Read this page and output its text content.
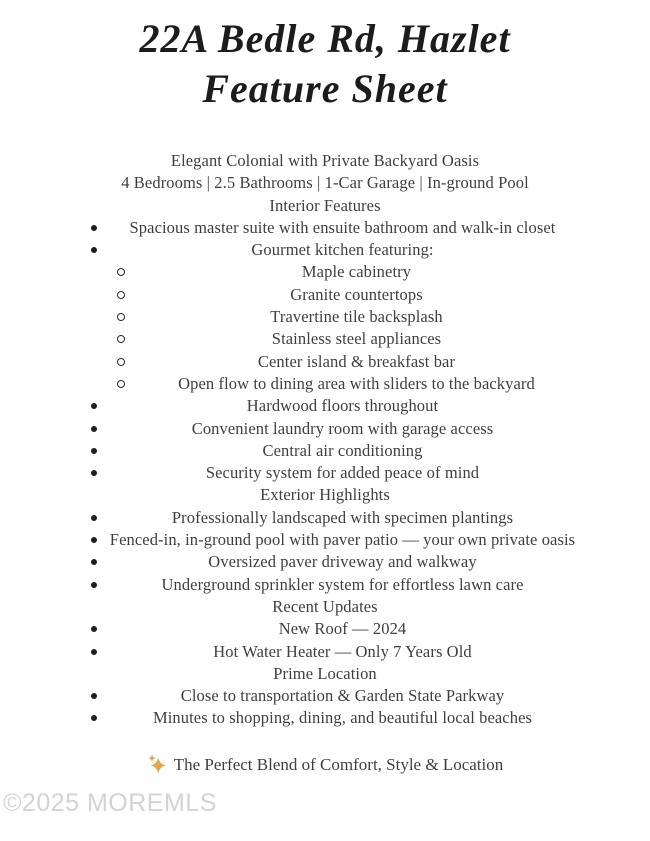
22A Bedle Rd, Hazlet
Feature Sheet
Elegant Colonial with Private Backyard Oasis
4 Bedrooms | 2.5 Bathrooms | 1-Car Garage | In-ground Pool
Interior Features
Spacious master suite with ensuite bathroom and walk-in closet
Gourmet kitchen featuring:
Maple cabinetry
Granite countertops
Travertine tile backsplash
Stainless steel appliances
Center island & breakfast bar
Open flow to dining area with sliders to the backyard
Hardwood floors throughout
Convenient laundry room with garage access
Central air conditioning
Security system for added peace of mind
Exterior Highlights
Professionally landscaped with specimen plantings
Fenced-in, in-ground pool with paver patio — your own private oasis
Oversized paver driveway and walkway
Underground sprinkler system for effortless lawn care
Recent Updates
New Roof — 2024
Hot Water Heater — Only 7 Years Old
Prime Location
Close to transportation & Garden State Parkway
Minutes to shopping, dining, and beautiful local beaches
The Perfect Blend of Comfort, Style & Location
©2025 MOREMLS
